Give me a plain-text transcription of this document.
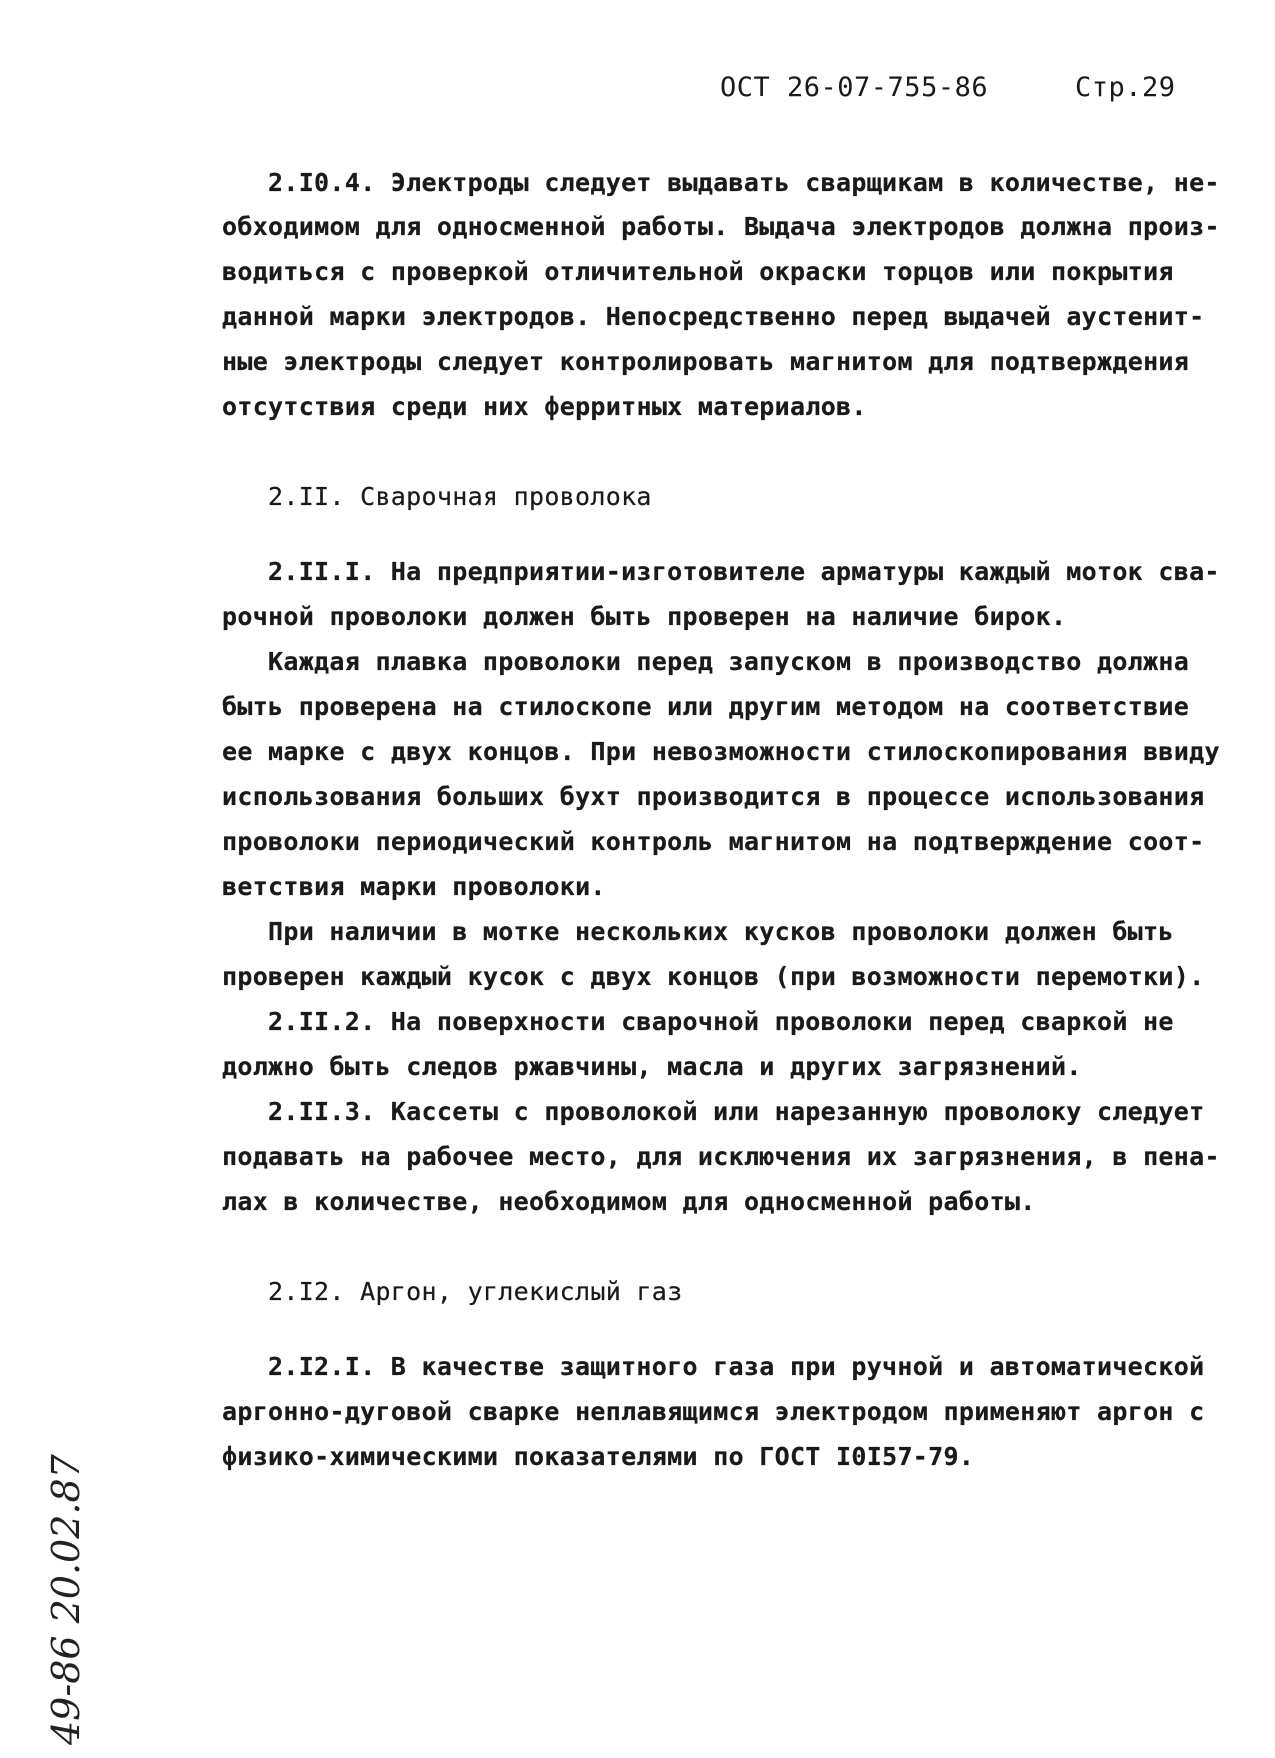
ОСТ 26-07-755-86	Стр.29
2.I0.4. Электроды следует выдавать сварщикам в количестве, не-
обходимом для односменной работы. Выдача электродов должна произ-
водиться с проверкой отличительной окраски торцов или покрытия
данной марки электродов. Непосредственно перед выдачей аустенит-
ные электроды следует контролировать магнитом для подтверждения
отсутствия среди них ферритных материалов.
2.II. Сварочная проволока
2.II.I. На предприятии-изготовителе арматуры каждый моток сва-
рочной проволоки должен быть проверен на наличие бирок.
Каждая плавка проволоки перед запуском в производство должна
быть проверена на стилоскопе или другим методом на соответствие
ее марке с двух концов. При невозможности стилоскопирования ввиду
использования больших бухт производится в процессе использования
проволоки периодический контроль магнитом на подтверждение соот-
ветствия марки проволоки.
При наличии в мотке нескольких кусков проволоки должен быть
проверен каждый кусок с двух концов (при возможности перемотки).
2.II.2. На поверхности сварочной проволоки перед сваркой не
должно быть следов ржавчины, масла и других загрязнений.
2.II.3. Кассеты с проволокой или нарезанную проволоку следует
подавать на рабочее место, для исключения их загрязнения, в пена-
лах в количестве, необходимом для односменной работы.
2.I2. Аргон, углекислый газ
2.I2.I. В качестве защитного газа при ручной и автоматической
аргонно-дуговой сварке неплавящимся электродом применяют аргон с
физико-химическими показателями по ГОСТ I0I57-79.
49-86 20.02.87
